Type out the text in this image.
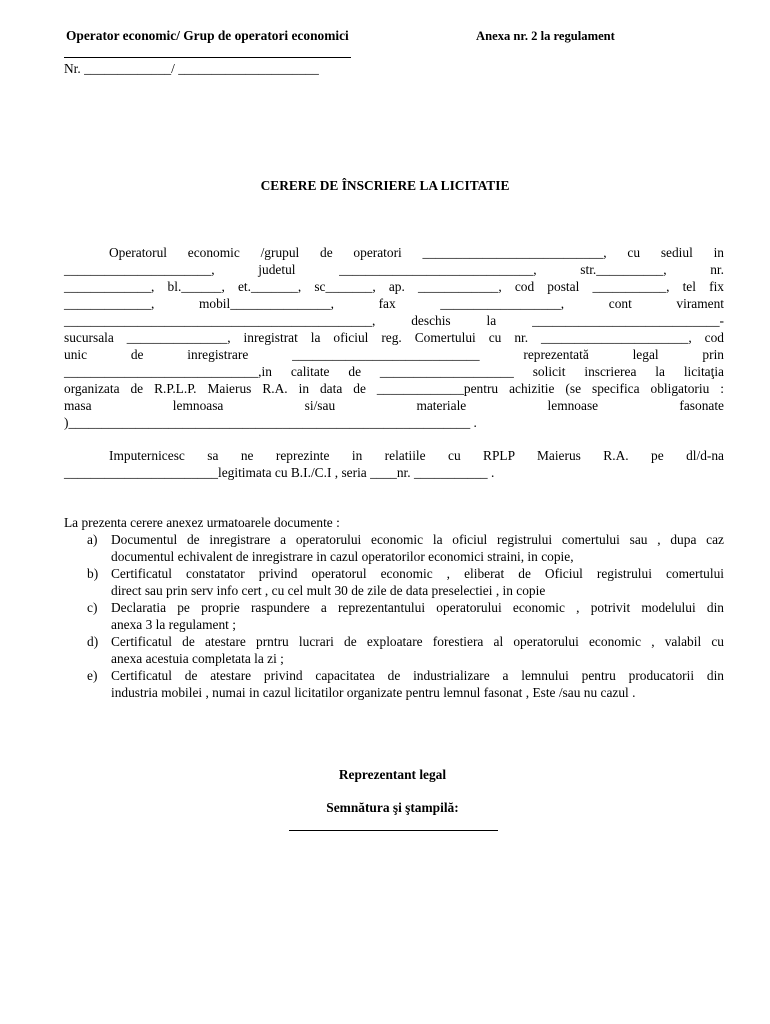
Operator economic/ Grup de operatori economici	Anexa nr. 2 la regulament
Nr. _____________/ _____________________
CERERE DE ÎNSCRIERE LA LICITATIE
Operatorul economic /grupul de operatori ___________________________, cu sediul in
______________________, judetul _____________________________, str.__________, nr.
_____________, bl.______, et._______, sc_______, ap. ____________, cod postal ___________, tel fix
_____________, mobil_______________, fax __________________, cont virament
______________________________________________, deschis la ____________________________-
sucursala _______________, inregistrat la oficiul reg. Comertului cu nr. ______________________, cod
unic de inregistrare ____________________________ reprezentată legal prin
_____________________________,in calitate de ____________________ solicit inscrierea la licitaţia
organizata de R.P.L.P. Maierus R.A. in data de _____________pentru achizitie (se specifica obligatoriu :
masa lemnoasa si/sau materiale lemnoase fasonate
)____________________________________________________________ .
Imputernicesc sa ne reprezinte in relatiile cu RPLP Maierus R.A. pe dl/d-na
_______________________legitimata cu B.I./C.I , seria ____nr. ___________ .
La prezenta cerere anexez urmatoarele documente :
a) Documentul de inregistrare a operatorului economic la oficiul registrului comertului sau , dupa caz
documentul echivalent de inregistrare in cazul operatorilor economici straini, in copie,
b) Certificatul constatator privind operatorul economic , eliberat de Oficiul registrului comertului
direct sau prin serv info cert , cu cel mult 30 de zile de data preselectiei , in copie
c) Declaratia pe proprie raspundere a reprezentantului operatorului economic , potrivit modelului din
anexa 3 la regulament ;
d) Certificatul de atestare prntru lucrari de exploatare forestiera al operatorului economic , valabil cu
anexa acestuia completata la zi ;
e) Certificatul de atestare privind capacitatea de industrializare a lemnului pentru producatorii din
industria mobilei , numai in cazul licitatilor organizate pentru lemnul fasonat , Este /sau nu cazul .
Reprezentant legal
Semnătura şi ştampilă:
